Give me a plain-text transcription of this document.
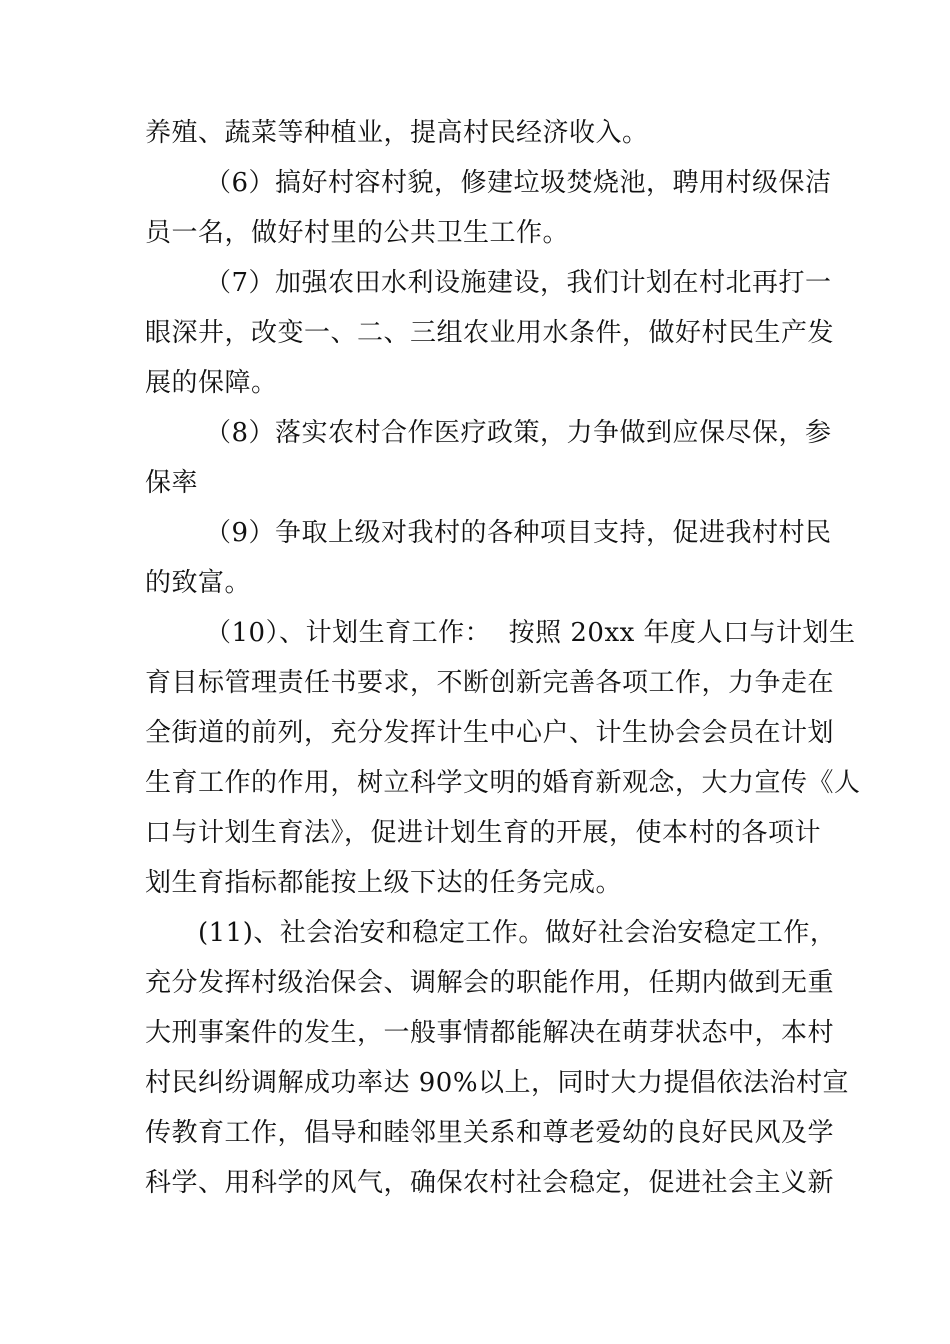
养殖、蔬菜等种植业，提高村民经济收入。
（6）搞好村容村貌，修建垃圾焚烧池，聘用村级保洁
员一名，做好村里的公共卫生工作。
（7）加强农田水利设施建设，我们计划在村北再打一
眼深井，改变一、二、三组农业用水条件，做好村民生产发
展的保障。
（8）落实农村合作医疗政策，力争做到应保尽保，参
保率
（9）争取上级对我村的各种项目支持，促进我村村民
的致富。
（10）、计划生育工作：  按照 20xx 年度人口与计划生
育目标管理责任书要求，不断创新完善各项工作，力争走在
全街道的前列，充分发挥计生中心户、计生协会会员在计划
生育工作的作用，树立科学文明的婚育新观念，大力宣传《人
口与计划生育法》，促进计划生育的开展，使本村的各项计
划生育指标都能按上级下达的任务完成。
(11)、社会治安和稳定工作。做好社会治安稳定工作，
充分发挥村级治保会、调解会的职能作用，任期内做到无重
大刑事案件的发生，一般事情都能解决在萌芽状态中，本村
村民纠纷调解成功率达 90%以上，同时大力提倡依法治村宣
传教育工作，倡导和睦邻里关系和尊老爱幼的良好民风及学
科学、用科学的风气，确保农村社会稳定，促进社会主义新
